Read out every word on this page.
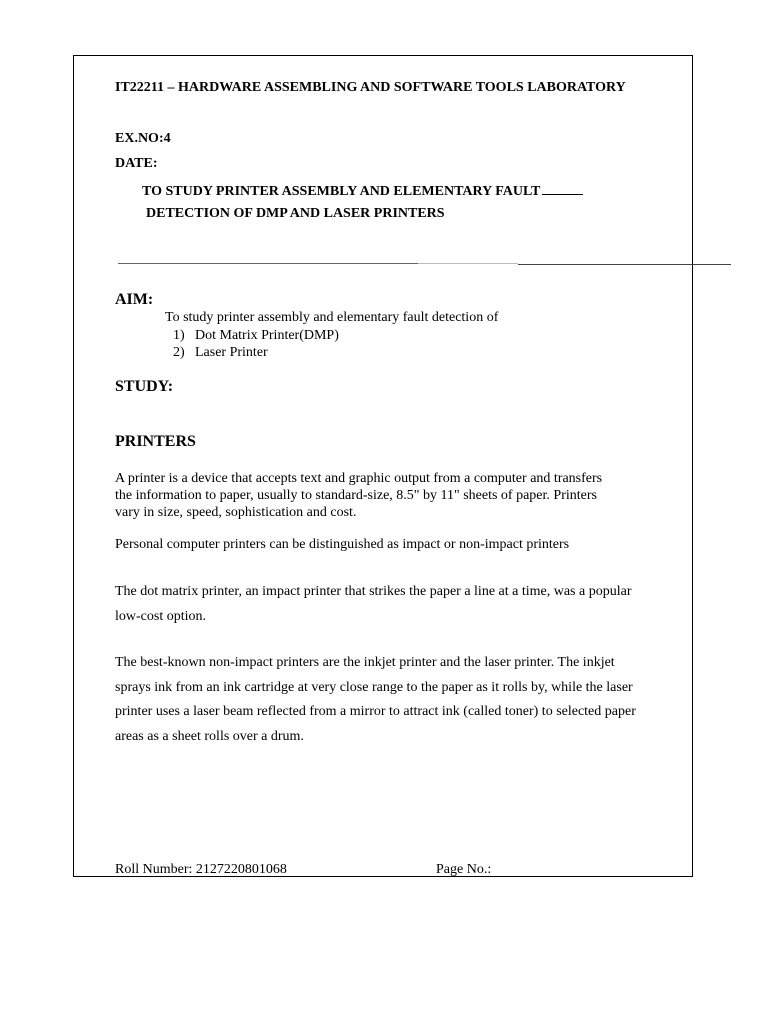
IT22211 – HARDWARE ASSEMBLING AND SOFTWARE TOOLS LABORATORY
EX.NO:4
DATE:
TO STUDY PRINTER ASSEMBLY AND ELEMENTARY FAULT
DETECTION OF DMP AND LASER PRINTERS
AIM:
To study printer assembly and elementary fault detection of
1) Dot Matrix Printer(DMP)
2) Laser Printer
STUDY:
PRINTERS
A printer is a device that accepts text and graphic output from a computer and transfers the information to paper, usually to standard-size, 8.5" by 11" sheets of paper. Printers vary in size, speed, sophistication and cost.
Personal computer printers can be distinguished as impact or non-impact printers
The dot matrix printer, an impact printer that strikes the paper a line at a time, was a popular low-cost option.
The best-known non-impact printers are the inkjet printer and the laser printer. The inkjet sprays ink from an ink cartridge at very close range to the paper as it rolls by, while the laser printer uses a laser beam reflected from a mirror to attract ink (called toner) to selected paper areas as a sheet rolls over a drum.
Roll Number: 2127220801068	Page No.:
